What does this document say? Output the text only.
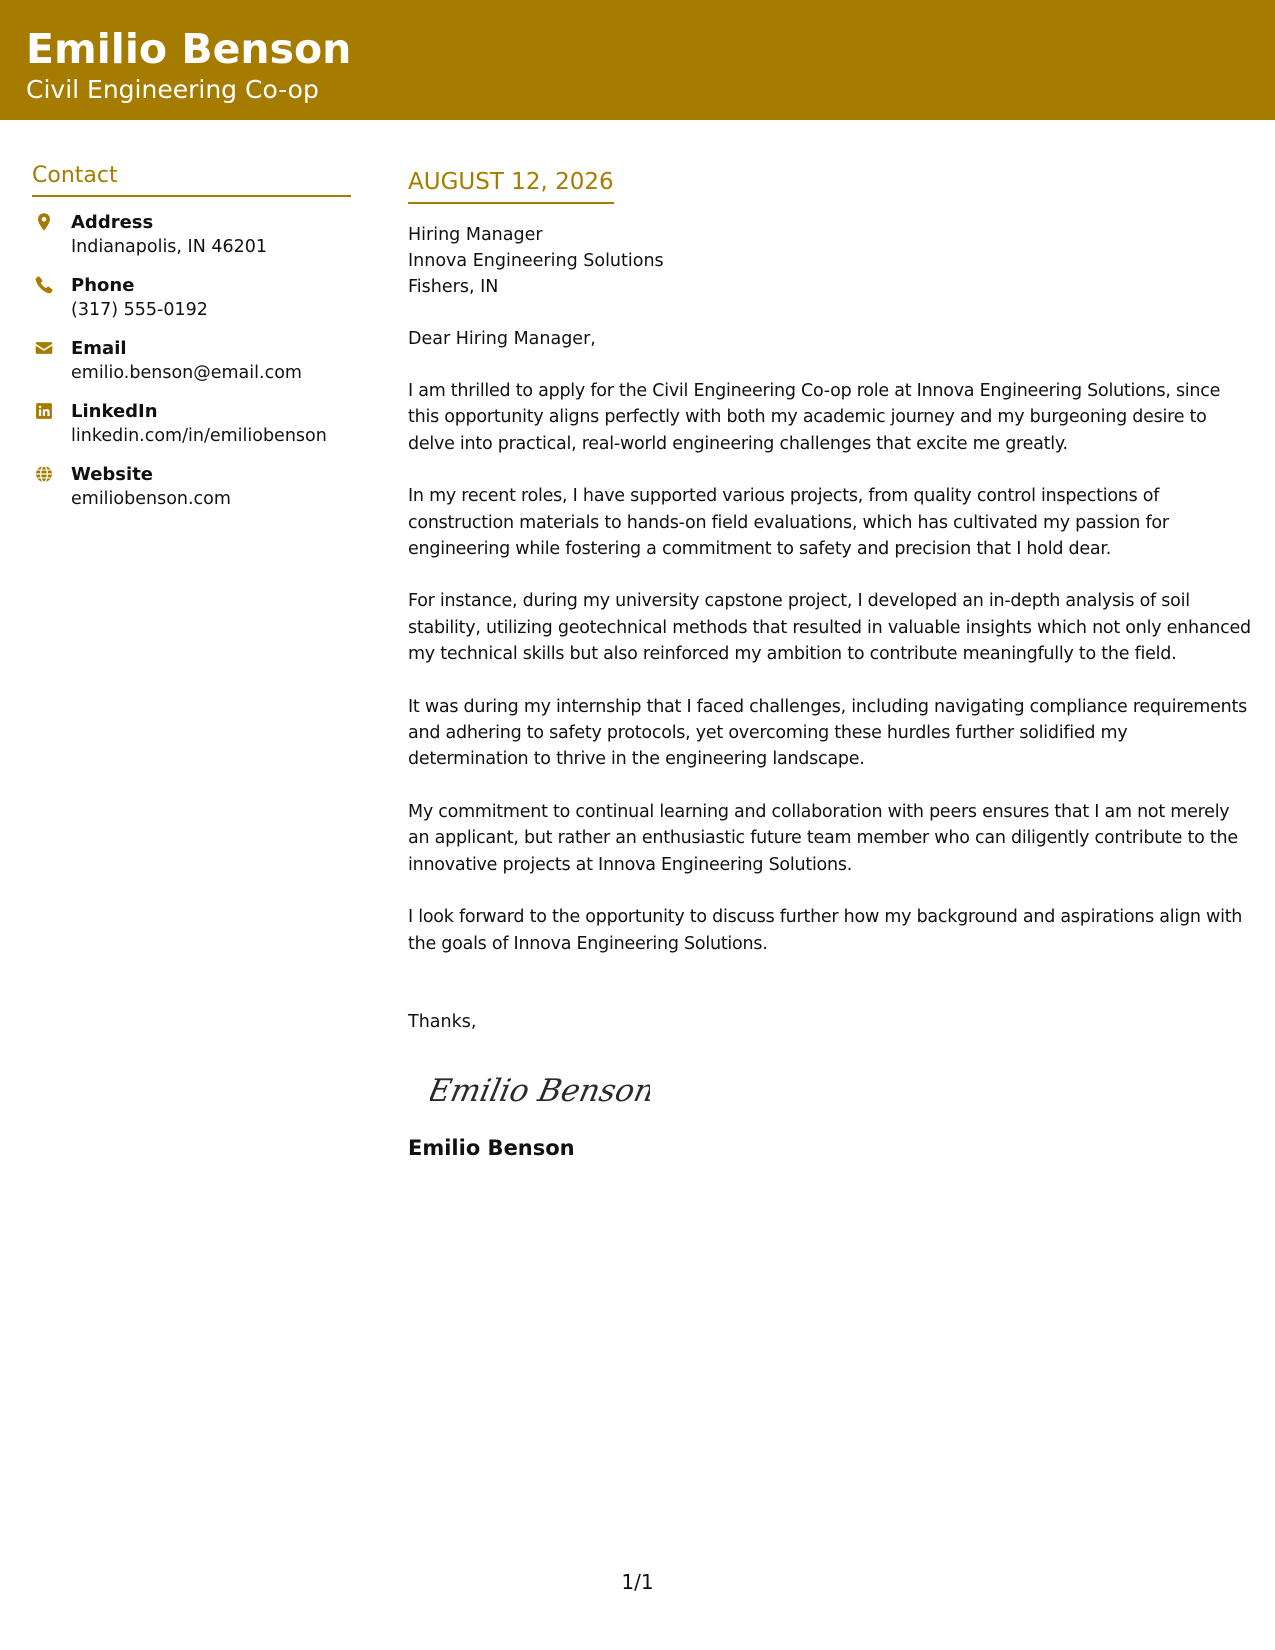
Emilio Benson
Civil Engineering Co-op
Contact
Address
Indianapolis, IN 46201
Phone
(317) 555-0192
Email
emilio.benson@email.com
LinkedIn
linkedin.com/in/emiliobenson
Website
emiliobenson.com
AUGUST 12, 2026
Hiring Manager
Innova Engineering Solutions
Fishers, IN
Dear Hiring Manager,
I am thrilled to apply for the Civil Engineering Co-op role at Innova Engineering Solutions, since this opportunity aligns perfectly with both my academic journey and my burgeoning desire to delve into practical, real-world engineering challenges that excite me greatly.
In my recent roles, I have supported various projects, from quality control inspections of construction materials to hands-on field evaluations, which has cultivated my passion for engineering while fostering a commitment to safety and precision that I hold dear.
For instance, during my university capstone project, I developed an in-depth analysis of soil stability, utilizing geotechnical methods that resulted in valuable insights which not only enhanced my technical skills but also reinforced my ambition to contribute meaningfully to the field.
It was during my internship that I faced challenges, including navigating compliance requirements and adhering to safety protocols, yet overcoming these hurdles further solidified my determination to thrive in the engineering landscape.
My commitment to continual learning and collaboration with peers ensures that I am not merely an applicant, but rather an enthusiastic future team member who can diligently contribute to the innovative projects at Innova Engineering Solutions.
I look forward to the opportunity to discuss further how my background and aspirations align with the goals of Innova Engineering Solutions.
Thanks,
Emilio Benson
Emilio Benson
1/1
